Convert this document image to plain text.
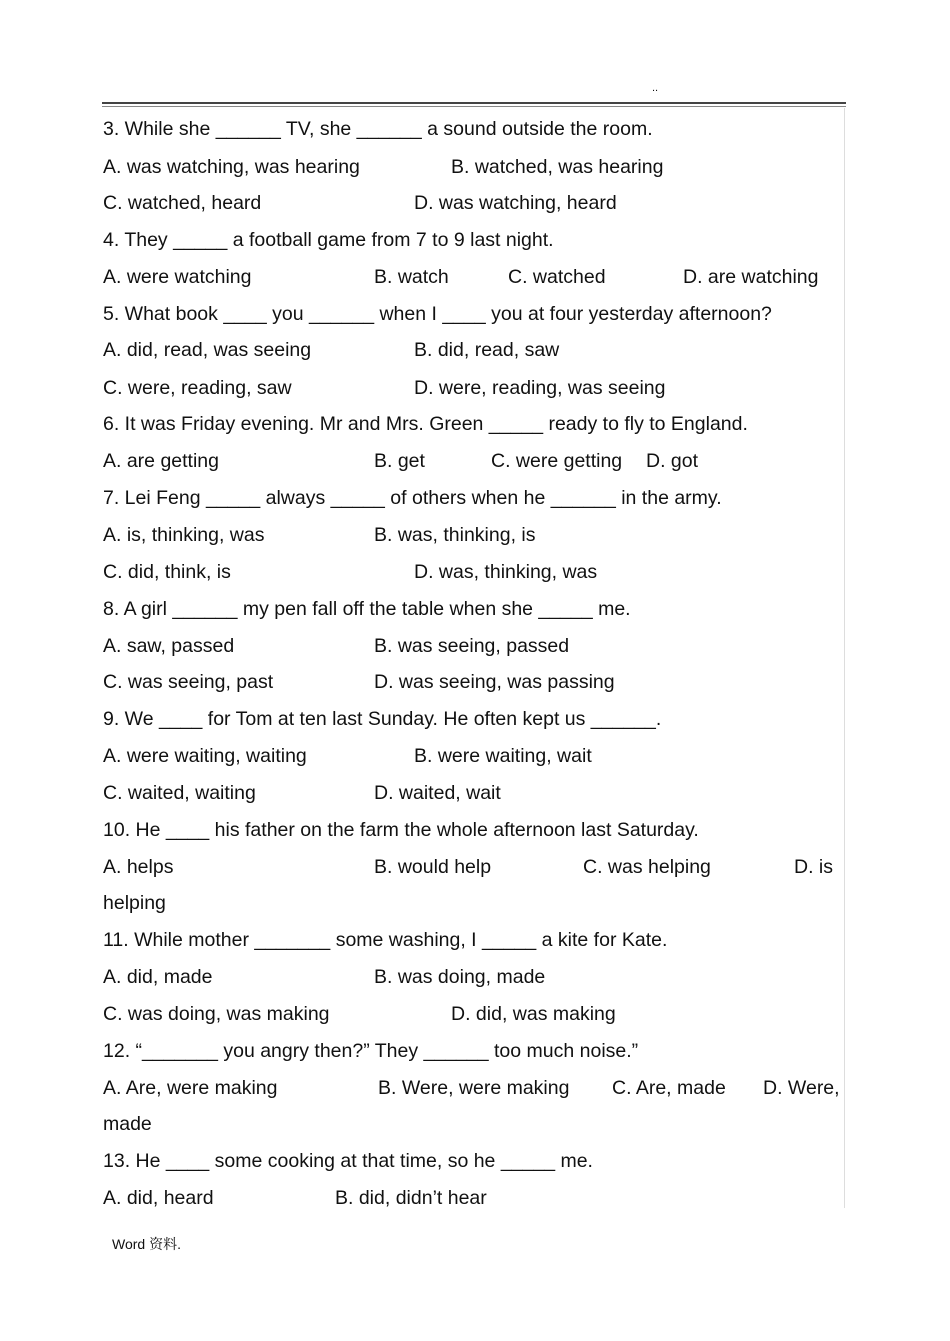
..
3. While she ______ TV, she ______ a sound outside the room.
A. was watching, was hearing	B. watched, was hearing
C. watched, heard	D. was watching, heard
4. They _____ a football game from 7 to 9 last night.
A. were watching	B. watch	C. watched	D. are watching
5. What book ____ you ______ when I ____ you at four yesterday afternoon?
A. did, read, was seeing	B. did, read, saw
C. were, reading, saw	D. were, reading, was seeing
6. It was Friday evening. Mr and Mrs. Green _____ ready to fly to England.
A. are getting	B. get	C. were getting D. got
7. Lei Feng _____ always _____ of others when he ______ in the army.
A. is, thinking, was	B. was, thinking, is
C. did, think, is	D. was, thinking, was
8. A girl ______ my pen fall off the table when she _____ me.
A. saw, passed	B. was seeing, passed
C. was seeing, past	D. was seeing, was passing
9. We ____ for Tom at ten last Sunday. He often kept us ______.
A. were waiting, waiting	B. were waiting, wait
C. waited, waiting	D. waited, wait
10. He ____ his father on the farm the whole afternoon last Saturday.
A. helps	B. would help	C. was helping	D. is
helping
11. While mother _______ some washing, I _____ a kite for Kate.
A. did, made	B. was doing, made
C. was doing, was making	D. did, was making
12. “_______ you angry then?” They ______ too much noise.”
A. Are, were making	B. Were, were making C. Are, made D. Were,
made
13. He ____ some cooking at that time, so he _____ me.
A. did, heard	B. did, didn’t hear
Word 资料.
